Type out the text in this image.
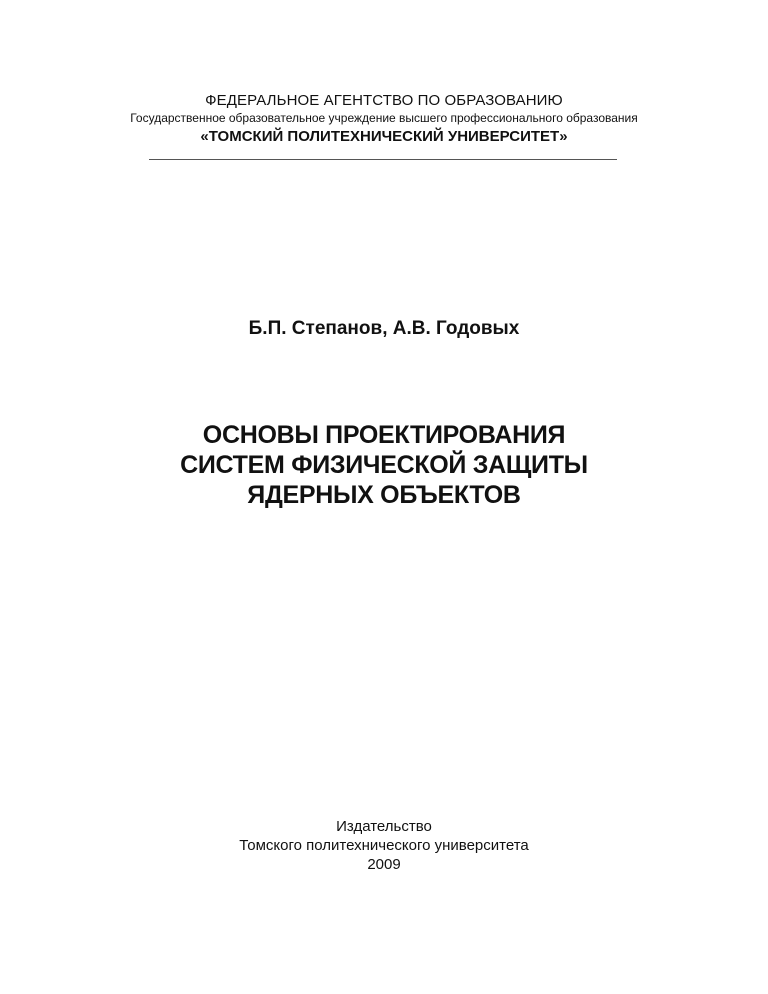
ФЕДЕРАЛЬНОЕ АГЕНТСТВО ПО ОБРАЗОВАНИЮ
Государственное образовательное учреждение высшего профессионального образования
«ТОМСКИЙ ПОЛИТЕХНИЧЕСКИЙ УНИВЕРСИТЕТ»
Б.П. Степанов, А.В. Годовых
ОСНОВЫ ПРОЕКТИРОВАНИЯ
СИСТЕМ ФИЗИЧЕСКОЙ ЗАЩИТЫ
ЯДЕРНЫХ ОБЪЕКТОВ
Издательство
Томского политехнического университета
2009
